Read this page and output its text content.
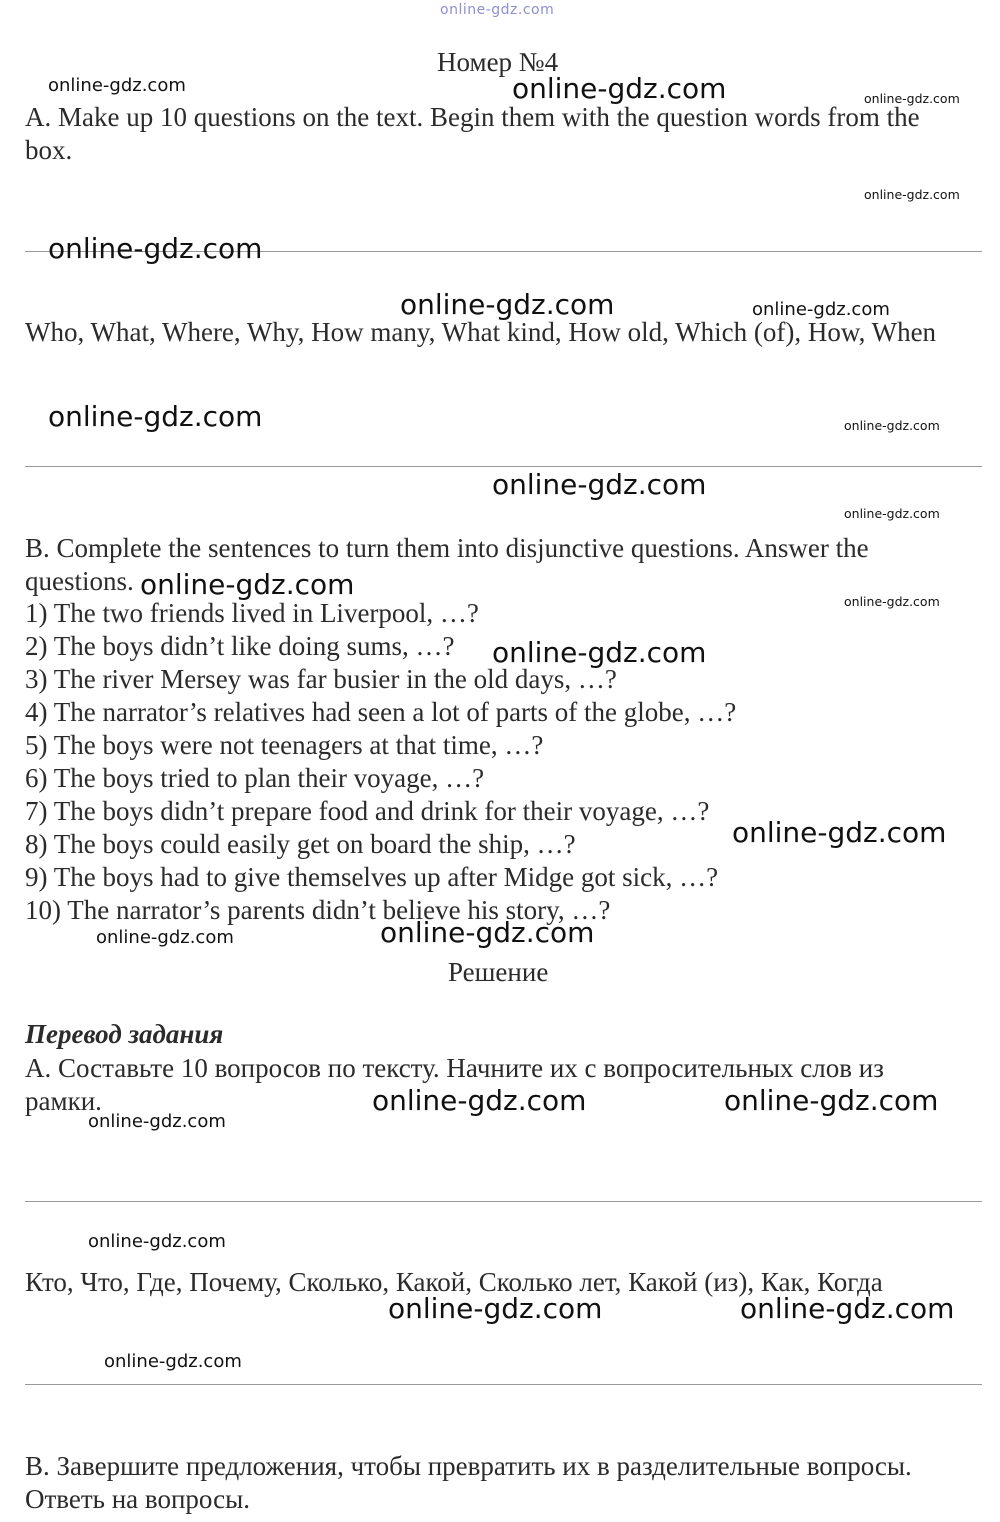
online-gdz.com
Номер №4
A. Make up 10 questions on the text. Begin them with the question words from the box.
Who, What, Where, Why, How many, What kind, How old, Which (of), How, When
B. Complete the sentences to turn them into disjunctive questions. Answer the questions.
1) The two friends lived in Liverpool, …?
2) The boys didn’t like doing sums, …?
3) The river Mersey was far busier in the old days, …?
4) The narrator’s relatives had seen a lot of parts of the globe, …?
5) The boys were not teenagers at that time, …?
6) The boys tried to plan their voyage, …?
7) The boys didn’t prepare food and drink for their voyage, …?
8) The boys could easily get on board the ship, …?
9) The boys had to give themselves up after Midge got sick, …?
10) The narrator’s parents didn’t believe his story, …?
Решение
Перевод задания
А. Составьте 10 вопросов по тексту. Начните их с вопросительных слов из рамки.
Кто, Что, Где, Почему, Сколько, Какой, Сколько лет, Какой (из), Как, Когда
B. Завершите предложения, чтобы превратить их в разделительные вопросы. Ответь на вопросы.
online-gdz.com	online-gdz.com	online-gdz.com
online-gdz.com
online-gdz.com
online-gdz.com	online-gdz.com
online-gdz.com	online-gdz.com
online-gdz.com
online-gdz.com
online-gdz.com
online-gdz.com
online-gdz.com
online-gdz.com
online-gdz.com	online-gdz.com
online-gdz.com	online-gdz.com
online-gdz.com
online-gdz.com
online-gdz.com	online-gdz.com
online-gdz.com
